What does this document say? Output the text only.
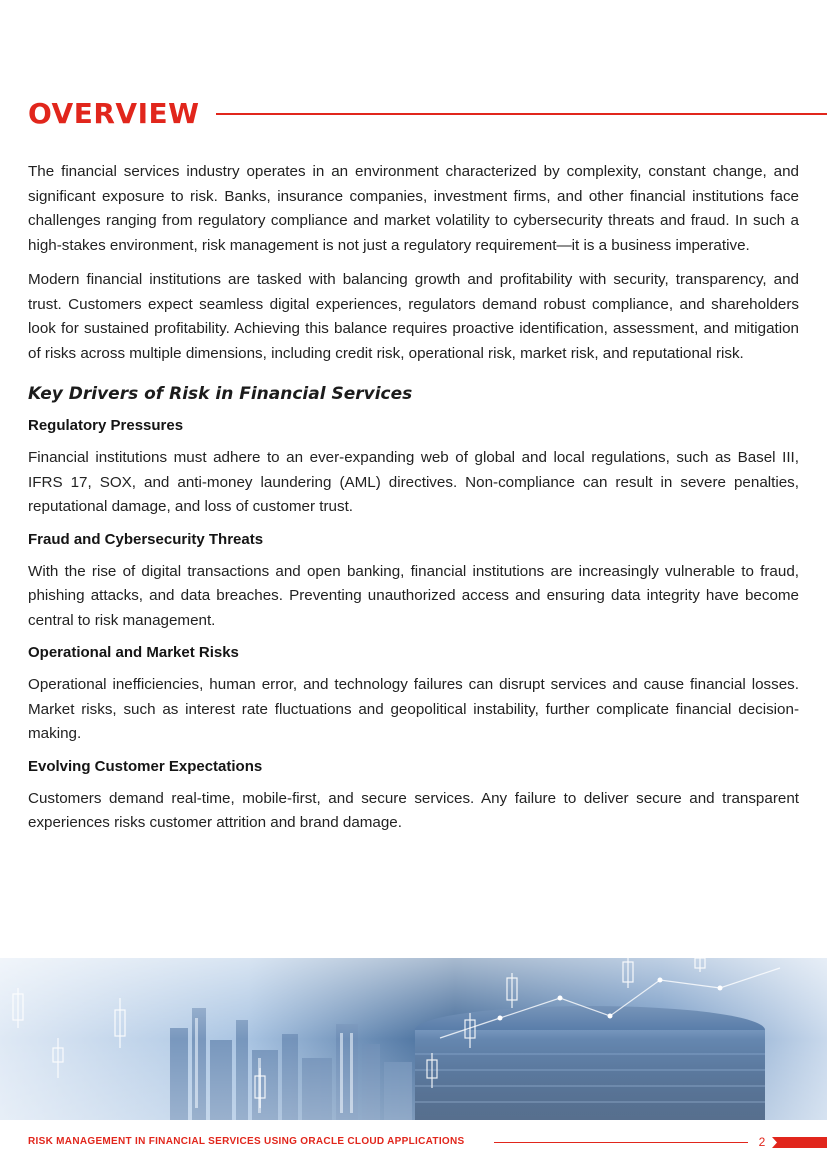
OVERVIEW

The financial services industry operates in an environment characterized by complexity, constant change, and significant exposure to risk. Banks, insurance companies, investment firms, and other financial institutions face challenges ranging from regulatory compliance and market volatility to cybersecurity threats and fraud. In such a high-stakes environment, risk management is not just a regulatory requirement—it is a business imperative.

Modern financial institutions are tasked with balancing growth and profitability with security, transparency, and trust. Customers expect seamless digital experiences, regulators demand robust compliance, and shareholders look for sustained profitability. Achieving this balance requires proactive identification, assessment, and mitigation of risks across multiple dimensions, including credit risk, operational risk, market risk, and reputational risk.

Key Drivers of Risk in Financial Services
Regulatory Pressures

Financial institutions must adhere to an ever-expanding web of global and local regulations, such as Basel III, IFRS 17, SOX, and anti-money laundering (AML) directives. Non-compliance can result in severe penalties, reputational damage, and loss of customer trust.

Fraud and Cybersecurity Threats

With the rise of digital transactions and open banking, financial institutions are increasingly vulnerable to fraud, phishing attacks, and data breaches. Preventing unauthorized access and ensuring data integrity have become central to risk management.

Operational and Market Risks

Operational inefficiencies, human error, and technology failures can disrupt services and cause financial losses. Market risks, such as interest rate fluctuations and geopolitical instability, further complicate financial decision-making.

Evolving Customer Expectations

Customers demand real-time, mobile-first, and secure services. Any failure to deliver secure and transparent experiences risks customer attrition and brand damage.

RISK MANAGEMENT IN FINANCIAL SERVICES USING ORACLE CLOUD APPLICATIONS	2
